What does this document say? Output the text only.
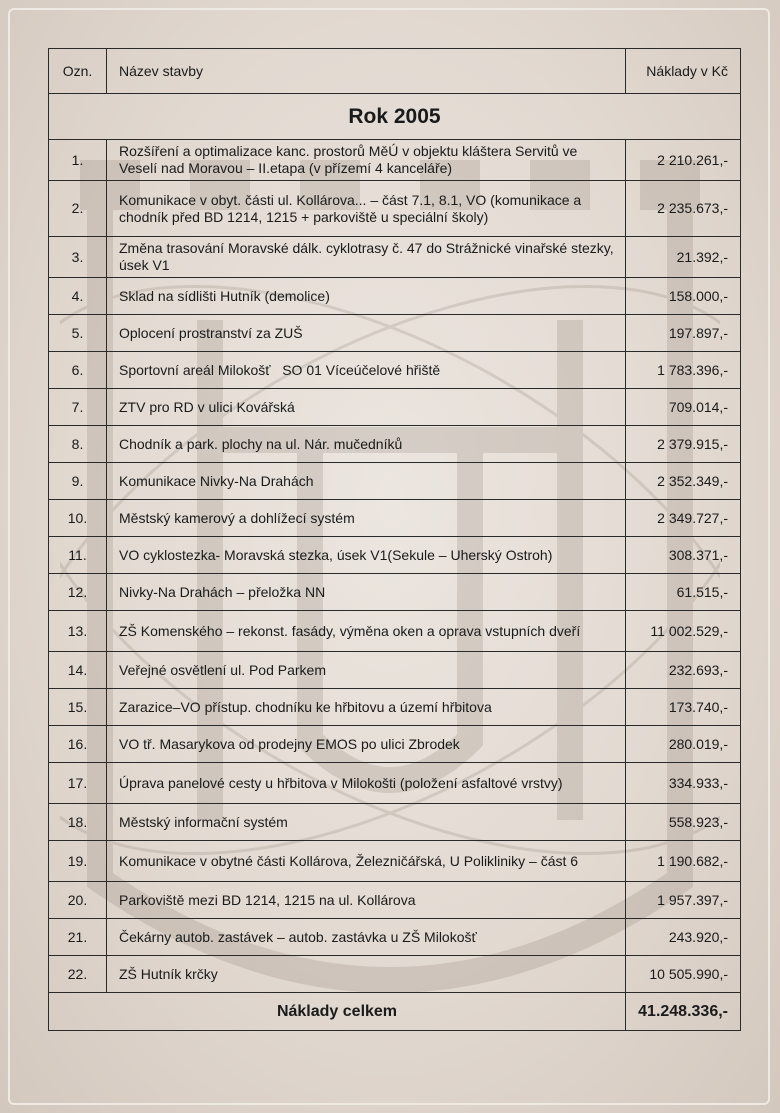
Ozn.	Název stavby	Náklady v Kč
Rok 2005		
1.	Rozšíření a optimalizace kanc. prostorů MěÚ v objektu kláštera Servitů ve Veselí nad Moravou – II.etapa (v přízemí 4 kanceláře)	2 210.261,-
2.	Komunikace v obyt. části ul. Kollárova... – část 7.1, 8.1, VO (komunikace a chodník před BD 1214, 1215 + parkoviště u speciální školy)	2 235.673,-
3.	Změna trasování Moravské dálk. cyklotrasy č. 47 do Strážnické vinařské stezky, úsek V1	21.392,-
4.	Sklad na sídlišti Hutník (demolice)	158.000,-
5.	Oplocení prostranství za ZUŠ	197.897,-
6.	Sportovní areál Milokošť   SO 01 Víceúčelové hřiště	1 783.396,-
7.	ZTV pro RD v ulici Kovářská	709.014,-
8.	Chodník a park. plochy na ul. Nár. mučedníků	2 379.915,-
9.	Komunikace Nivky-Na Drahách	2 352.349,-
10.	Městský kamerový a dohlížecí systém	2 349.727,-
11.	VO cyklostezka- Moravská stezka, úsek V1(Sekule – Uherský Ostroh)	308.371,-
12.	Nivky-Na Drahách – přeložka NN	61.515,-
13.	ZŠ Komenského – rekonst. fasády, výměna oken a oprava vstupních dveří	11 002.529,-
14.	Veřejné osvětlení ul. Pod Parkem	232.693,-
15.	Zarazice–VO přístup. chodníku ke hřbitovu a území hřbitova	173.740,-
16.	VO tř. Masarykova od prodejny EMOS po ulici Zbrodek	280.019,-
17.	Úprava panelové cesty u hřbitova v Milokošti (položení asfaltové vrstvy)	334.933,-
18.	Městský informační systém	558.923,-
19.	Komunikace v obytné části Kollárova, Železničářská, U Polikliniky – část 6	1 190.682,-
20.	Parkoviště mezi BD 1214, 1215 na ul. Kollárova	1 957.397,-
21.	Čekárny autob. zastávek – autob. zastávka u ZŠ Milokošť	243.920,-
22.	ZŠ Hutník krčky	10 505.990,-
Náklady celkem		41.248.336,-
